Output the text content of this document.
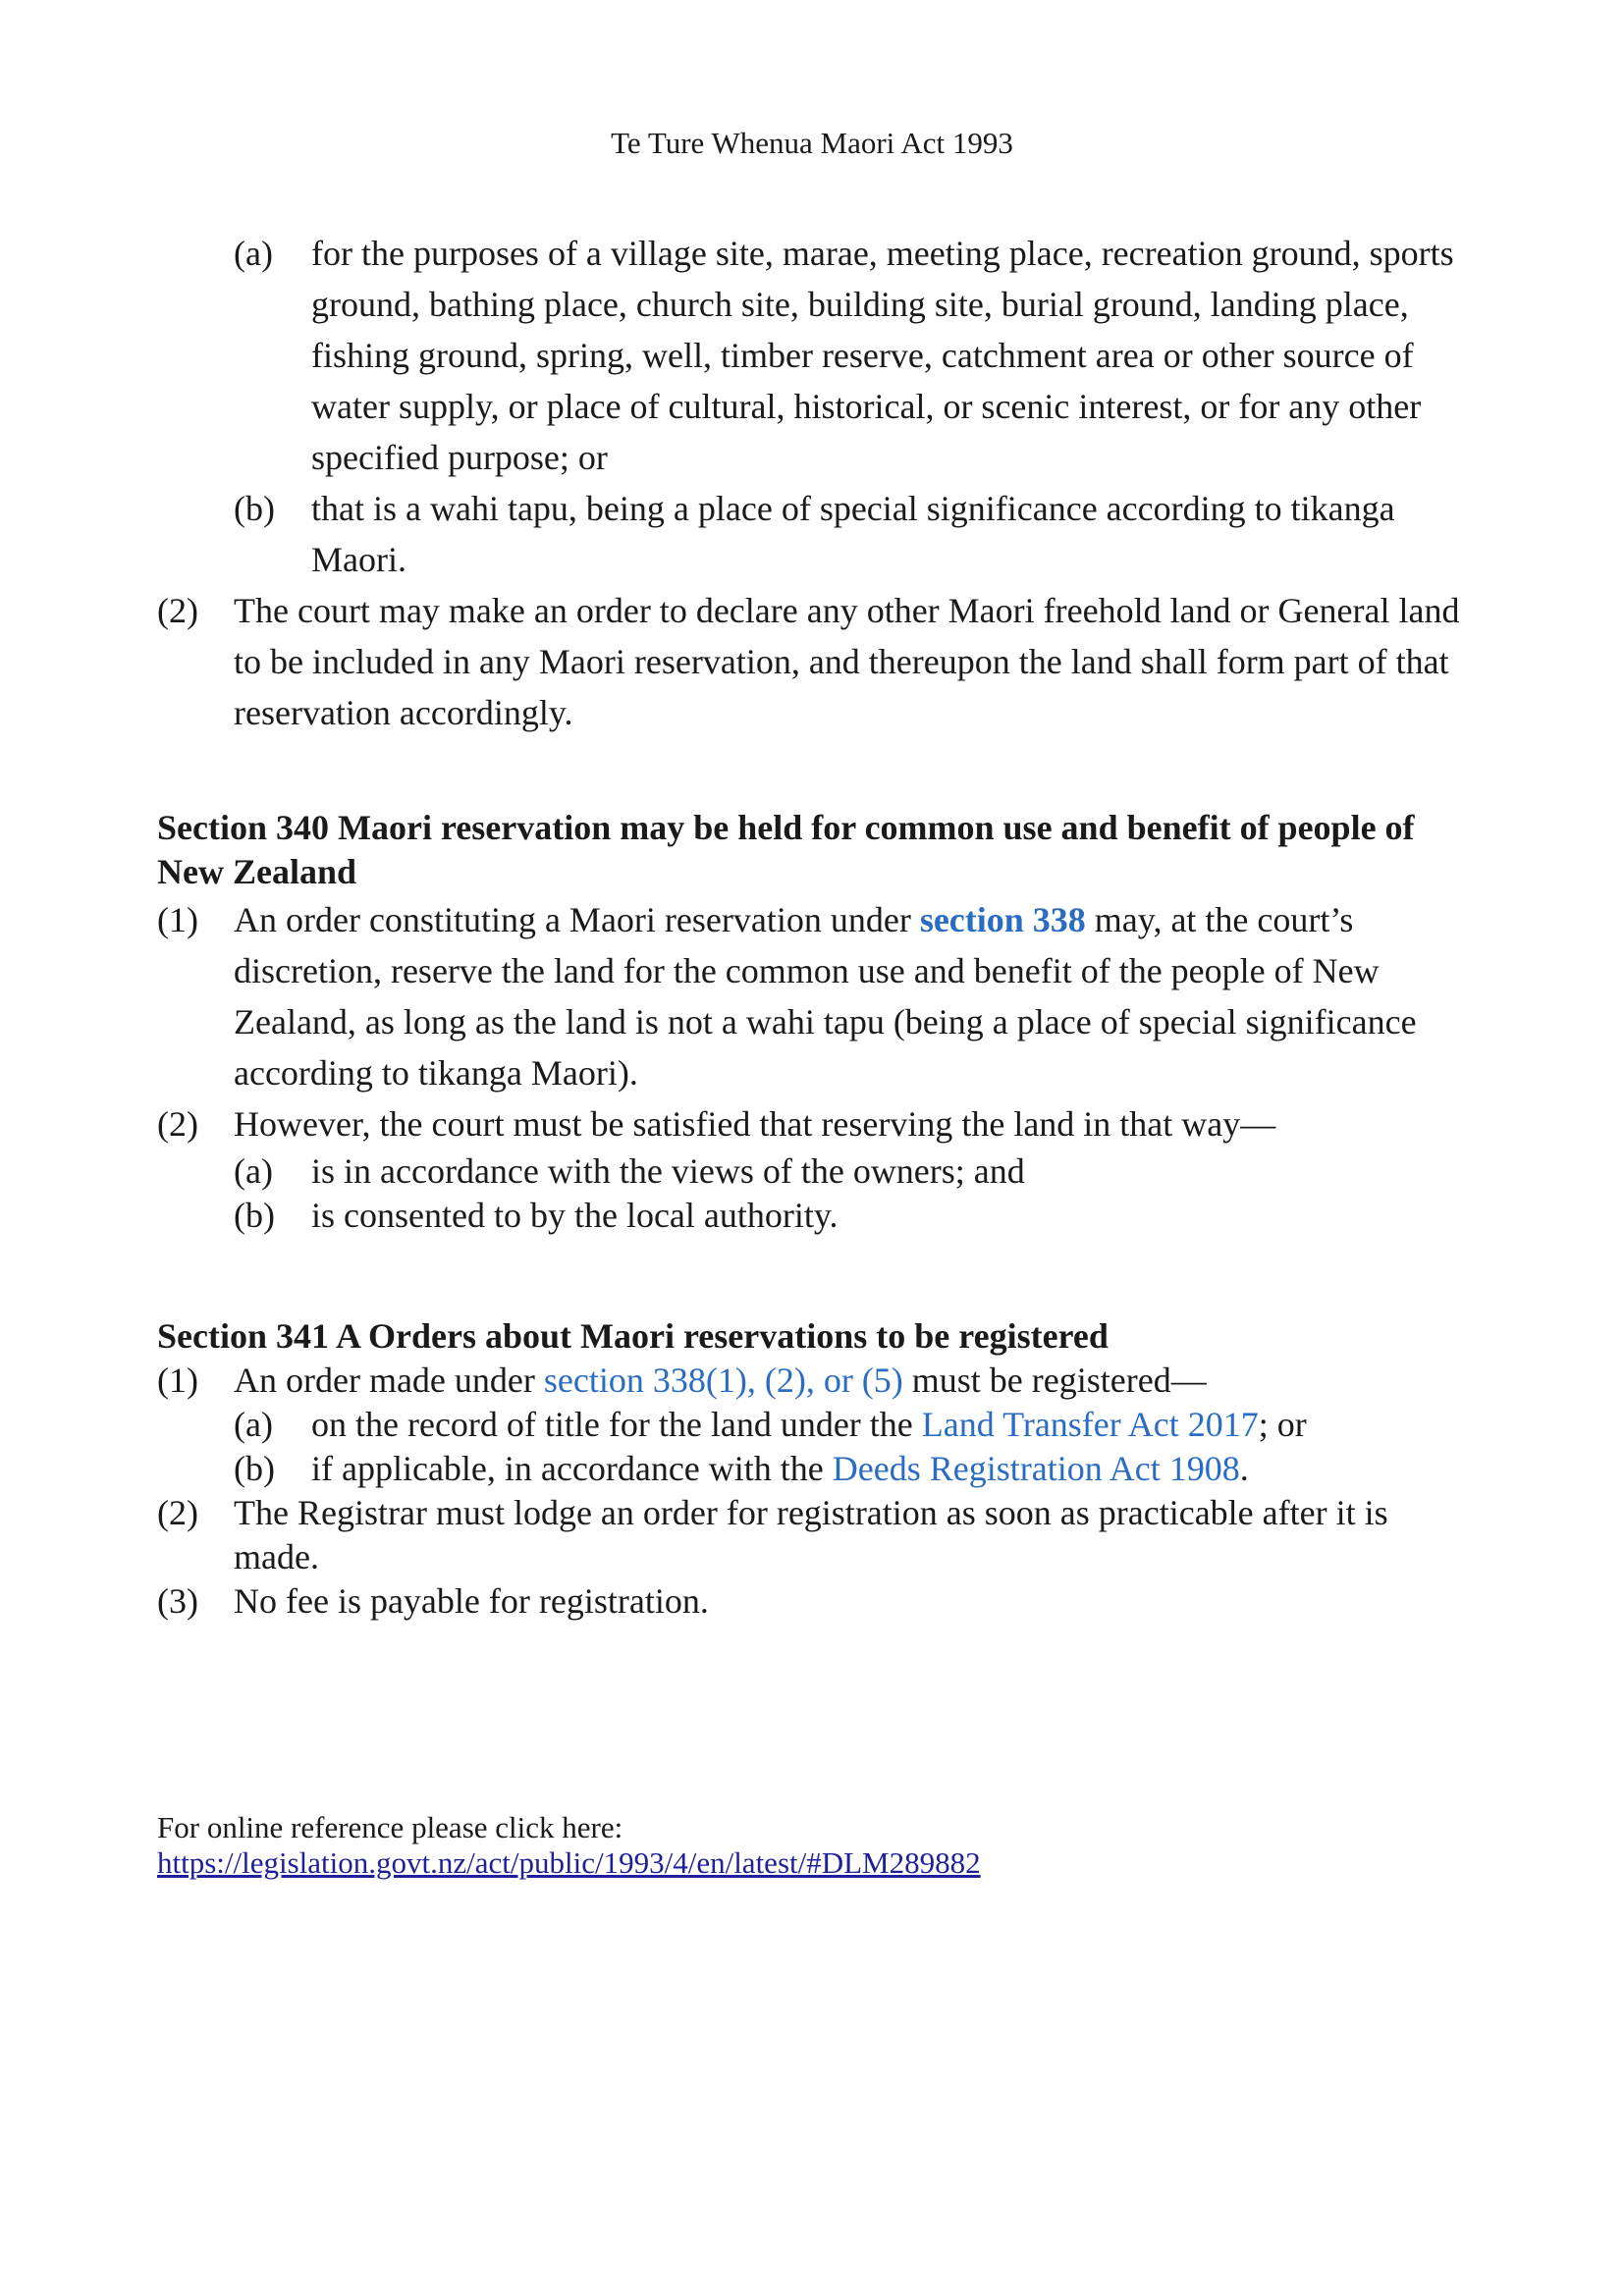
Te Ture Whenua Maori Act 1993
(a) for the purposes of a village site, marae, meeting place, recreation ground, sports ground, bathing place, church site, building site, burial ground, landing place, fishing ground, spring, well, timber reserve, catchment area or other source of water supply, or place of cultural, historical, or scenic interest, or for any other specified purpose; or
(b) that is a wahi tapu, being a place of special significance according to tikanga Maori.
(2) The court may make an order to declare any other Maori freehold land or General land to be included in any Maori reservation, and thereupon the land shall form part of that reservation accordingly.
Section 340 Maori reservation may be held for common use and benefit of people of New Zealand
(1) An order constituting a Maori reservation under section 338 may, at the court’s discretion, reserve the land for the common use and benefit of the people of New Zealand, as long as the land is not a wahi tapu (being a place of special significance according to tikanga Maori).
(2) However, the court must be satisfied that reserving the land in that way—
(a) is in accordance with the views of the owners; and
(b) is consented to by the local authority.
Section 341 A Orders about Maori reservations to be registered
(1) An order made under section 338(1), (2), or (5) must be registered—
(a) on the record of title for the land under the Land Transfer Act 2017; or
(b) if applicable, in accordance with the Deeds Registration Act 1908.
(2) The Registrar must lodge an order for registration as soon as practicable after it is made.
(3) No fee is payable for registration.
For online reference please click here:
https://legislation.govt.nz/act/public/1993/4/en/latest/#DLM289882
